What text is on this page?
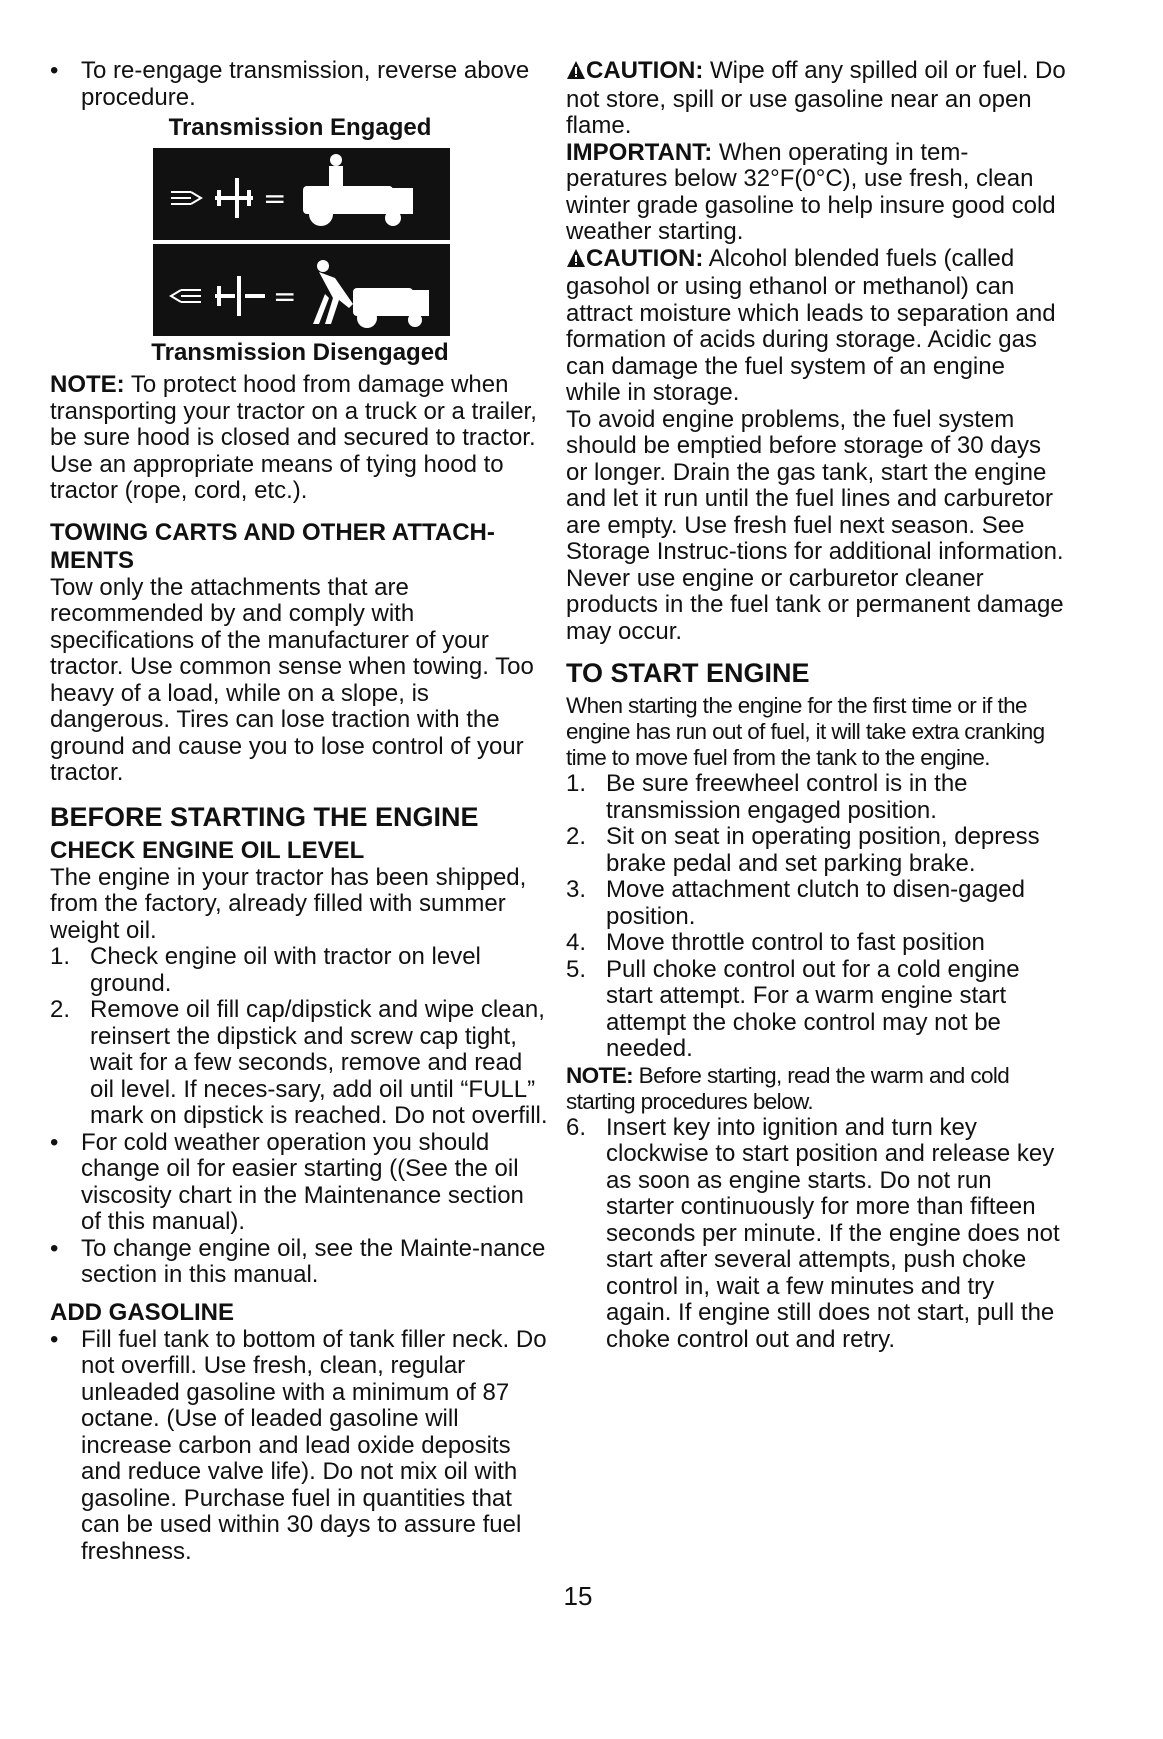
• To re-engage transmission, reverse above procedure.

Transmission Engaged

=
=

Transmission Disengaged

NOTE: To protect hood from damage when transporting your tractor on a truck or a trailer, be sure hood is closed and secured to tractor. Use an appropriate means of tying hood to tractor (rope, cord, etc.).

TOWING CARTS AND OTHER ATTACH-MENTS

Tow only the attachments that are recommended by and comply with specifications of the manufacturer of your tractor. Use common sense when towing. Too heavy of a load, while on a slope, is dangerous. Tires can lose traction with the ground and cause you to lose control of your tractor.

BEFORE STARTING THE ENGINE
CHECK ENGINE OIL LEVEL

The engine in your tractor has been shipped, from the factory, already filled with summer weight oil.

1. Check engine oil with tractor on level ground.
2. Remove oil fill cap/dipstick and wipe clean, reinsert the dipstick and screw cap tight, wait for a few seconds, remove and read oil level. If neces-sary, add oil until “FULL” mark on dipstick is reached. Do not overfill.

• For cold weather operation you should change oil for easier starting ((See the oil viscosity chart in the Maintenance section of this manual).

• To change engine oil, see the Mainte-nance section in this manual.

ADD GASOLINE

• Fill fuel tank to bottom of tank filler neck. Do not overfill. Use fresh, clean, regular unleaded gasoline with a minimum of 87 octane. (Use of leaded gasoline will increase carbon and lead oxide deposits and reduce valve life). Do not mix oil with gasoline. Purchase fuel in quantities that can be used within 30 days to assure fuel freshness.

CAUTION: Wipe off any spilled oil or fuel. Do not store, spill or use gasoline near an open flame.

IMPORTANT: When operating in tem-peratures below 32°F(0°C), use fresh, clean winter grade gasoline to help insure good cold weather starting.

CAUTION: Alcohol blended fuels (called gasohol or using ethanol or methanol) can attract moisture which leads to separation and formation of acids during storage. Acidic gas can damage the fuel system of an engine while in storage.

To avoid engine problems, the fuel system should be emptied before storage of 30 days or longer. Drain the gas tank, start the engine and let it run until the fuel lines and carburetor are empty. Use fresh fuel next season. See Storage Instruc-tions for additional information.

Never use engine or carburetor cleaner products in the fuel tank or permanent damage may occur.

TO START ENGINE

When starting the engine for the first time or if the engine has run out of fuel, it will take extra cranking time to move fuel from the tank to the engine.

1. Be sure freewheel control is in the transmission engaged position.
2. Sit on seat in operating position, depress brake pedal and set parking brake.
3. Move attachment clutch to disen-gaged position.
4. Move throttle control to fast position
5. Pull choke control out for a cold engine start attempt. For a warm engine start attempt the choke control may not be needed.

NOTE: Before starting, read the warm and cold starting procedures below.

6. Insert key into ignition and turn key clockwise to start position and release key as soon as engine starts. Do not run starter continuously for more than fifteen seconds per minute. If the engine does not start after several attempts, push choke control in, wait a few minutes and try again. If engine still does not start, pull the choke control out and retry.
15
